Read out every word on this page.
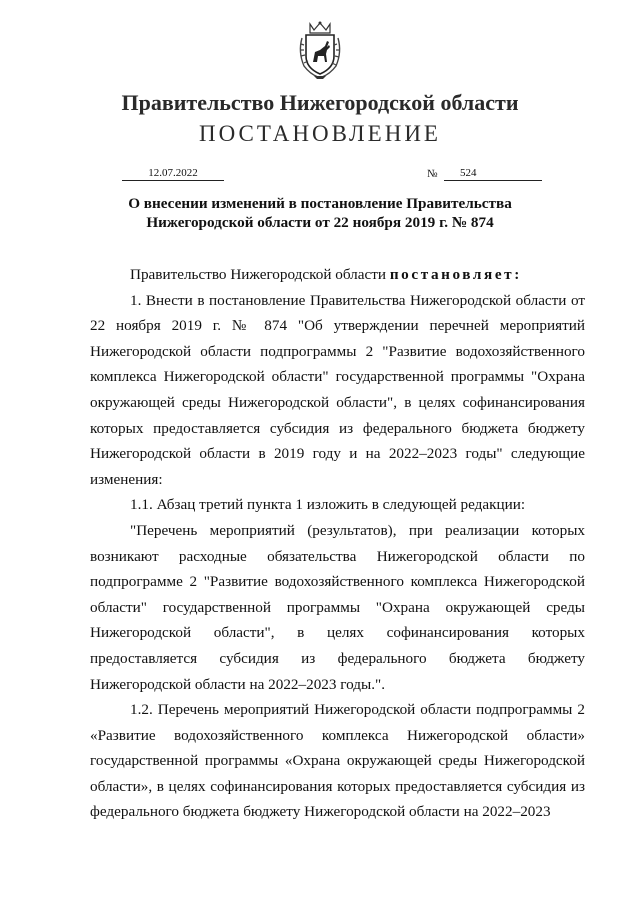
Правительство Нижегородской области
ПОСТАНОВЛЕНИЕ
12.07.2022	№	524
О внесении изменений в постановление Правительства
Нижегородской области от 22 ноября 2019 г. № 874

Правительство Нижегородской области постановляет:

1. Внести в постановление Правительства Нижегородской области от 22 ноября 2019 г. № 874 "Об утверждении перечней мероприятий Нижегородской области подпрограммы 2 "Развитие водохозяйственного комплекса Нижегородской области" государственной программы "Охрана окружающей среды Нижегородской области", в целях софинансирования которых предоставляется субсидия из федерального бюджета бюджету Нижегородской области в 2019 году и на 2022–2023 годы" следующие изменения:

1.1. Абзац третий пункта 1 изложить в следующей редакции:

"Перечень мероприятий (результатов), при реализации которых возникают расходные обязательства Нижегородской области по подпрограмме 2 "Развитие водохозяйственного комплекса Нижегородской области" государственной программы "Охрана окружающей среды Нижегородской области", в целях софинансирования которых предоставляется субсидия из федерального бюджета бюджету Нижегородской области на 2022–2023 годы.".

1.2. Перечень мероприятий Нижегородской области подпрограммы 2 «Развитие водохозяйственного комплекса Нижегородской области» государственной программы «Охрана окружающей среды Нижегородской области», в целях софинансирования которых предоставляется субсидия из федерального бюджета бюджету Нижегородской области на 2022–2023
